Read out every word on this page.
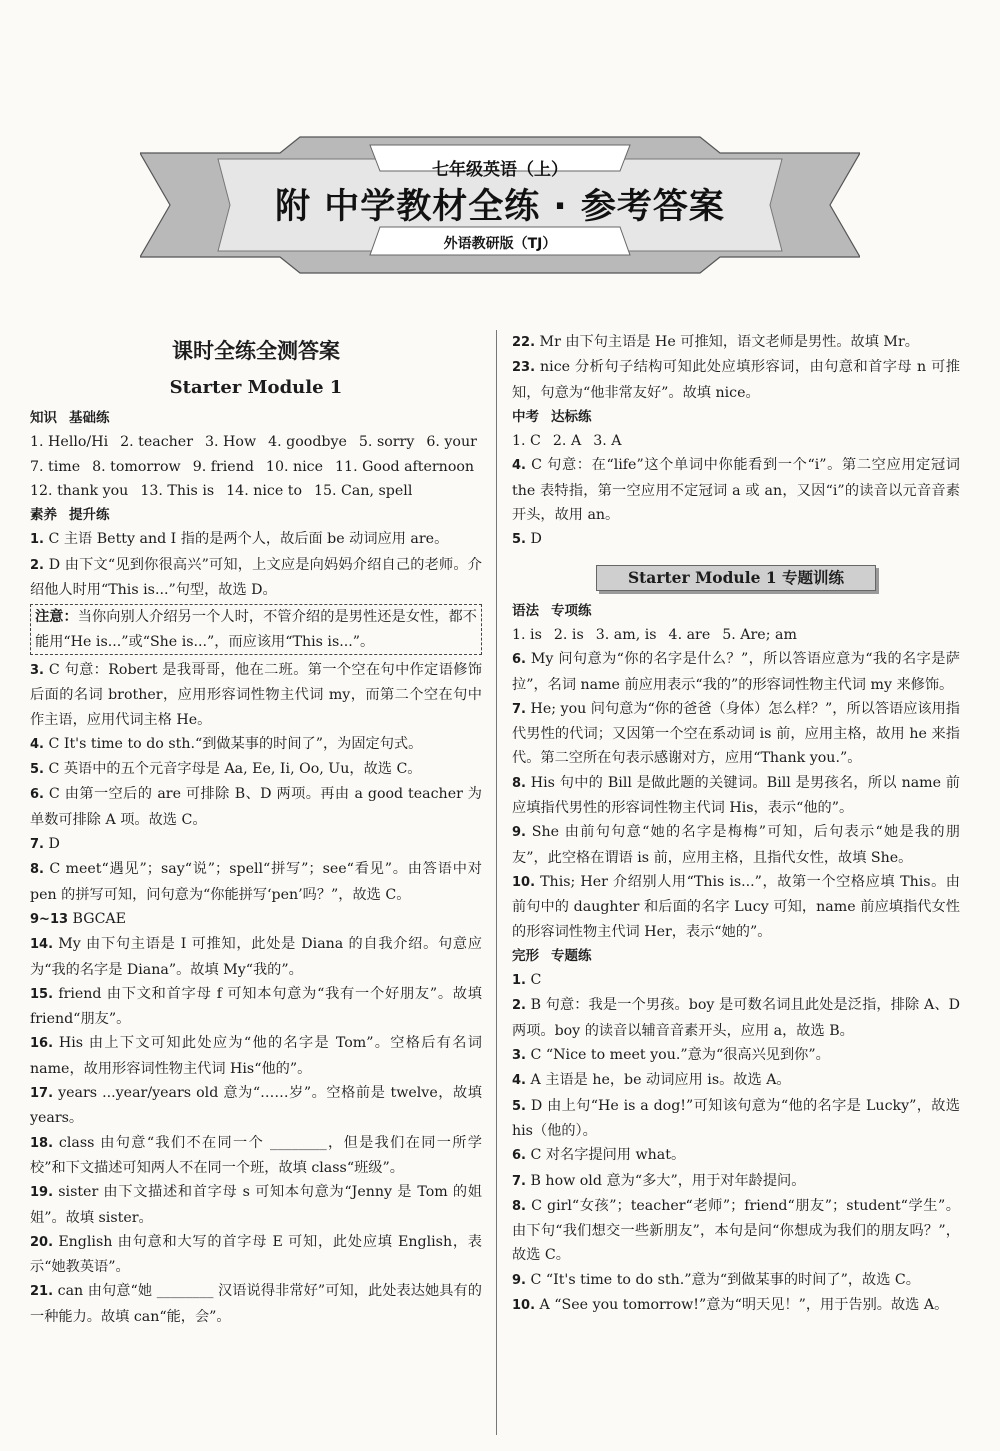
七年级英语（上）
附 中学教材全练 · 参考答案
外语教研版（TJ）
课时全练全测答案
Starter Module 1
知识 基础练
1. Hello/Hi 2. teacher 3. How 4. goodbye 5. sorry 6. your
7. time 8. tomorrow 9. friend 10. nice 11. Good afternoon
12. thank you 13. This is 14. nice to 15. Can, spell
素养 提升练

1. C 主语 Betty and I 指的是两个人，故后面 be 动词应用 are。

2. D 由下文“见到你很高兴”可知，上文应是向妈妈介绍自己的老师。介绍他人时用“This is...”句型，故选 D。

注意：当你向别人介绍另一个人时，不管介绍的是男性还是女性，都不能用“He is...”或“She is...”，而应该用“This is...”。

3. C 句意：Robert 是我哥哥，他在二班。第一个空在句中作定语修饰后面的名词 brother，应用形容词性物主代词 my，而第二个空在句中作主语，应用代词主格 He。

4. C It's time to do sth.“到做某事的时间了”，为固定句式。

5. C 英语中的五个元音字母是 Aa, Ee, Ii, Oo, Uu，故选 C。

6. C 由第一空后的 are 可排除 B、D 两项。再由 a good teacher 为单数可排除 A 项。故选 C。

7. D

8. C meet“遇见”；say“说”；spell“拼写”；see“看见”。由答语中对 pen 的拼写可知，问句意为“你能拼写‘pen’吗？”，故选 C。

9~13 BGCAE

14. My 由下句主语是 I 可推知，此处是 Diana 的自我介绍。句意应为“我的名字是 Diana”。故填 My“我的”。

15. friend 由下文和首字母 f 可知本句意为“我有一个好朋友”。故填 friend“朋友”。

16. His 由上下文可知此处应为“他的名字是 Tom”。空格后有名词 name，故用形容词性物主代词 His“他的”。

17. years ...year/years old 意为“……岁”。空格前是 twelve，故填 years。

18. class 由句意“我们不在同一个 ________，但是我们在同一所学校”和下文描述可知两人不在同一个班，故填 class“班级”。

19. sister 由下文描述和首字母 s 可知本句意为“Jenny 是 Tom 的姐姐”。故填 sister。

20. English 由句意和大写的首字母 E 可知，此处应填 English，表示“她教英语”。

21. can 由句意“她 ________ 汉语说得非常好”可知，此处表达她具有的一种能力。故填 can“能，会”。

22. Mr 由下句主语是 He 可推知，语文老师是男性。故填 Mr。

23. nice 分析句子结构可知此处应填形容词，由句意和首字母 n 可推知，句意为“他非常友好”。故填 nice。

中考 达标练
1. C 2. A 3. A

4. C 句意：在“life”这个单词中你能看到一个“i”。第二空应用定冠词 the 表特指，第一空应用不定冠词 a 或 an，又因“i”的读音以元音音素开头，故用 an。

5. D

Starter Module 1 专题训练
语法 专项练
1. is 2. is 3. am, is 4. are 5. Are; am

6. My 问句意为“你的名字是什么？”，所以答语应意为“我的名字是萨拉”，名词 name 前应用表示“我的”的形容词性物主代词 my 来修饰。

7. He; you 问句意为“你的爸爸（身体）怎么样？”，所以答语应该用指代男性的代词；又因第一个空在系动词 is 前，应用主格，故用 he 来指代。第二空所在句表示感谢对方，应用“Thank you.”。

8. His 句中的 Bill 是做此题的关键词。Bill 是男孩名，所以 name 前应填指代男性的形容词性物主代词 His，表示“他的”。

9. She 由前句句意“她的名字是梅梅”可知，后句表示“她是我的朋友”，此空格在谓语 is 前，应用主格，且指代女性，故填 She。

10. This; Her 介绍别人用“This is...”，故第一个空格应填 This。由前句中的 daughter 和后面的名字 Lucy 可知，name 前应填指代女性的形容词性物主代词 Her，表示“她的”。

完形 专题练

1. C

2. B 句意：我是一个男孩。boy 是可数名词且此处是泛指，排除 A、D 两项。boy 的读音以辅音音素开头，应用 a，故选 B。

3. C “Nice to meet you.”意为“很高兴见到你”。

4. A 主语是 he，be 动词应用 is。故选 A。

5. D 由上句“He is a dog!”可知该句意为“他的名字是 Lucky”，故选 his（他的）。

6. C 对名字提问用 what。

7. B how old 意为“多大”，用于对年龄提问。

8. C girl“女孩”；teacher“老师”；friend“朋友”；student“学生”。由下句“我们想交一些新朋友”，本句是问“你想成为我们的朋友吗？”，故选 C。

9. C “It's time to do sth.”意为“到做某事的时间了”，故选 C。

10. A “See you tomorrow!”意为“明天见！”，用于告别。故选 A。
